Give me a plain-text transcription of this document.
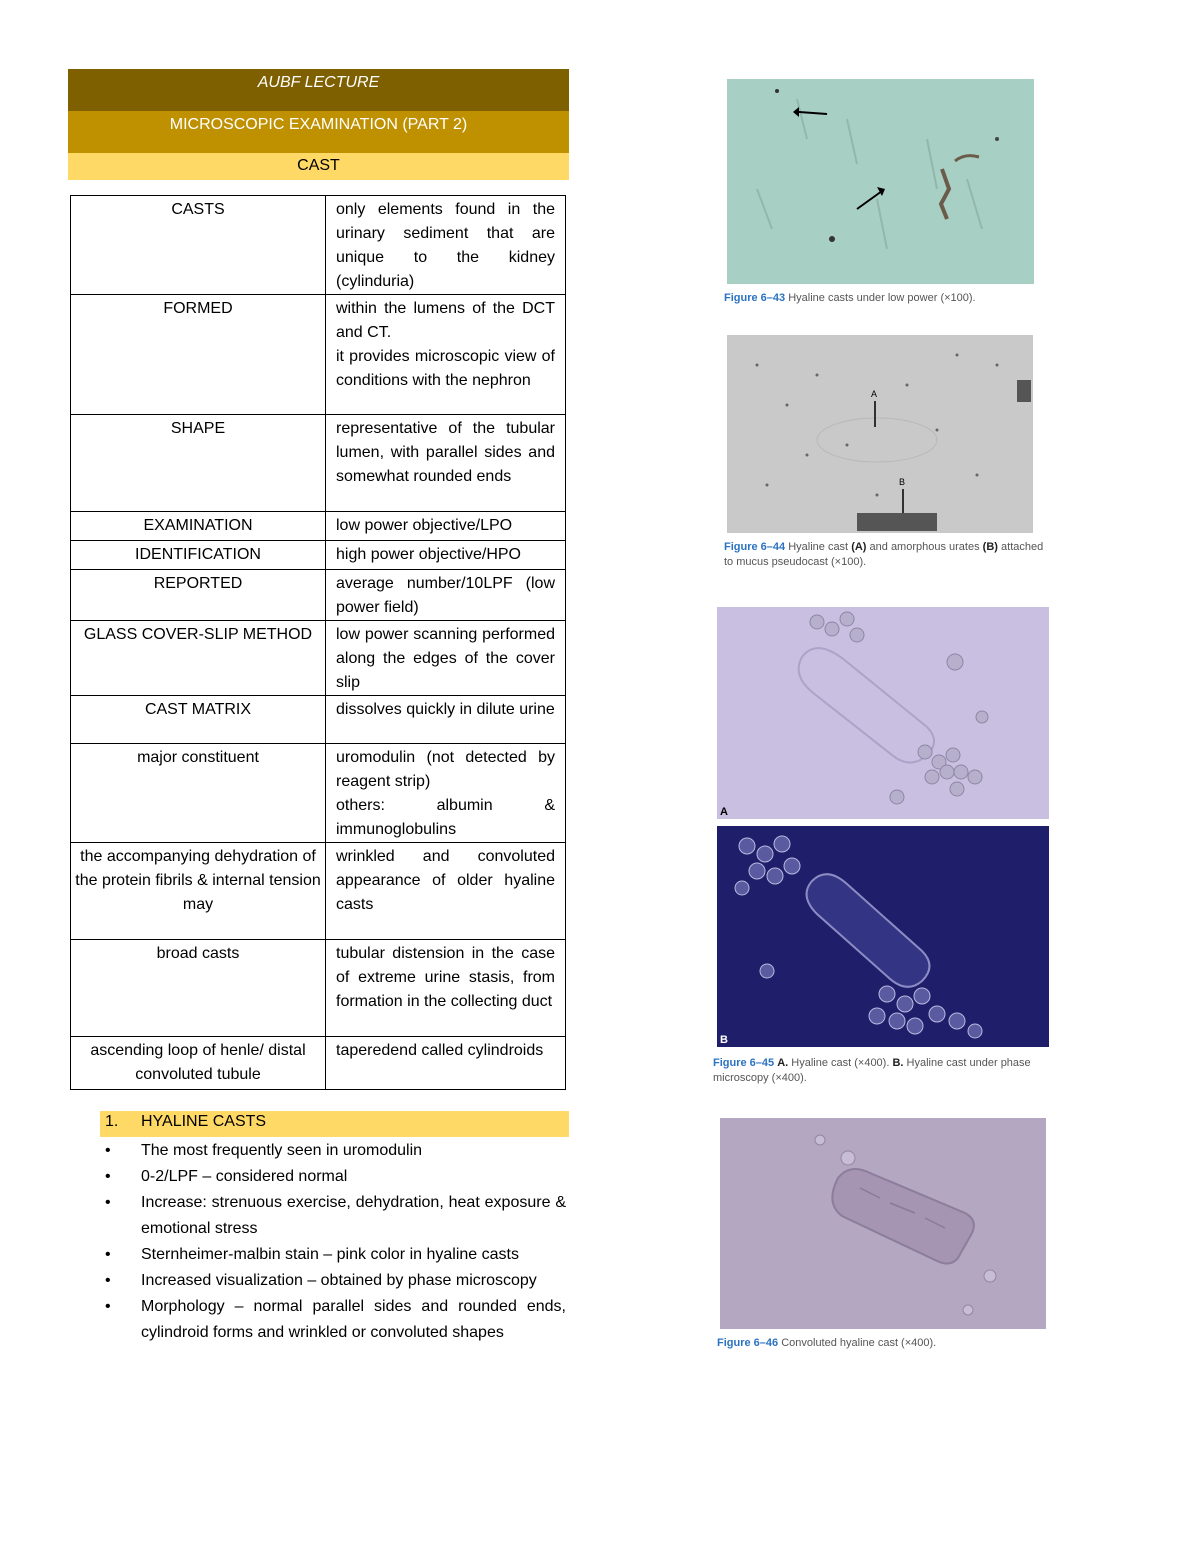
AUBF LECTURE
MICROSCOPIC EXAMINATION (PART 2)
CAST
CASTS	only elements found in the urinary sediment that are unique to the kidney (cylinduria)

FORMED	within the lumens of the DCT and CT.
it provides microscopic view of conditions with the nephron

SHAPE	representative of the tubular lumen, with parallel sides and somewhat rounded ends

EXAMINATION	low power objective/LPO

IDENTIFICATION	high power objective/HPO

REPORTED	average number/10LPF (low power field)

GLASS COVER-SLIP METHOD	low power scanning performed along the edges of the cover slip

CAST MATRIX	dissolves quickly in dilute urine

major constituent	uromodulin (not detected by reagent strip)
others: albumin & immunoglobulins

the accompanying dehydration of the protein fibrils & internal tension may	wrinkled and convoluted appearance of older hyaline casts

broad casts	tubular distension in the case of extreme urine stasis, from formation in the collecting duct

ascending loop of henle/ distal convoluted tubule	taperedend called cylindroids
1. HYALINE CASTS
• The most frequently seen in uromodulin
• 0-2/LPF – considered normal
• Increase: strenuous exercise, dehydration, heat exposure & emotional stress
• Sternheimer-malbin stain – pink color in hyaline casts
• Increased visualization – obtained by phase microscopy
• Morphology – normal parallel sides and rounded ends, cylindroid forms and wrinkled or convoluted shapes
Figure 6–43 Hyaline casts under low power (×100).
A
B
Figure 6–44 Hyaline cast (A) and amorphous urates (B) attached to mucus pseudocast (×100).
A
B
Figure 6–45 A. Hyaline cast (×400). B. Hyaline cast under phase microscopy (×400).
Figure 6–46 Convoluted hyaline cast (×400).
